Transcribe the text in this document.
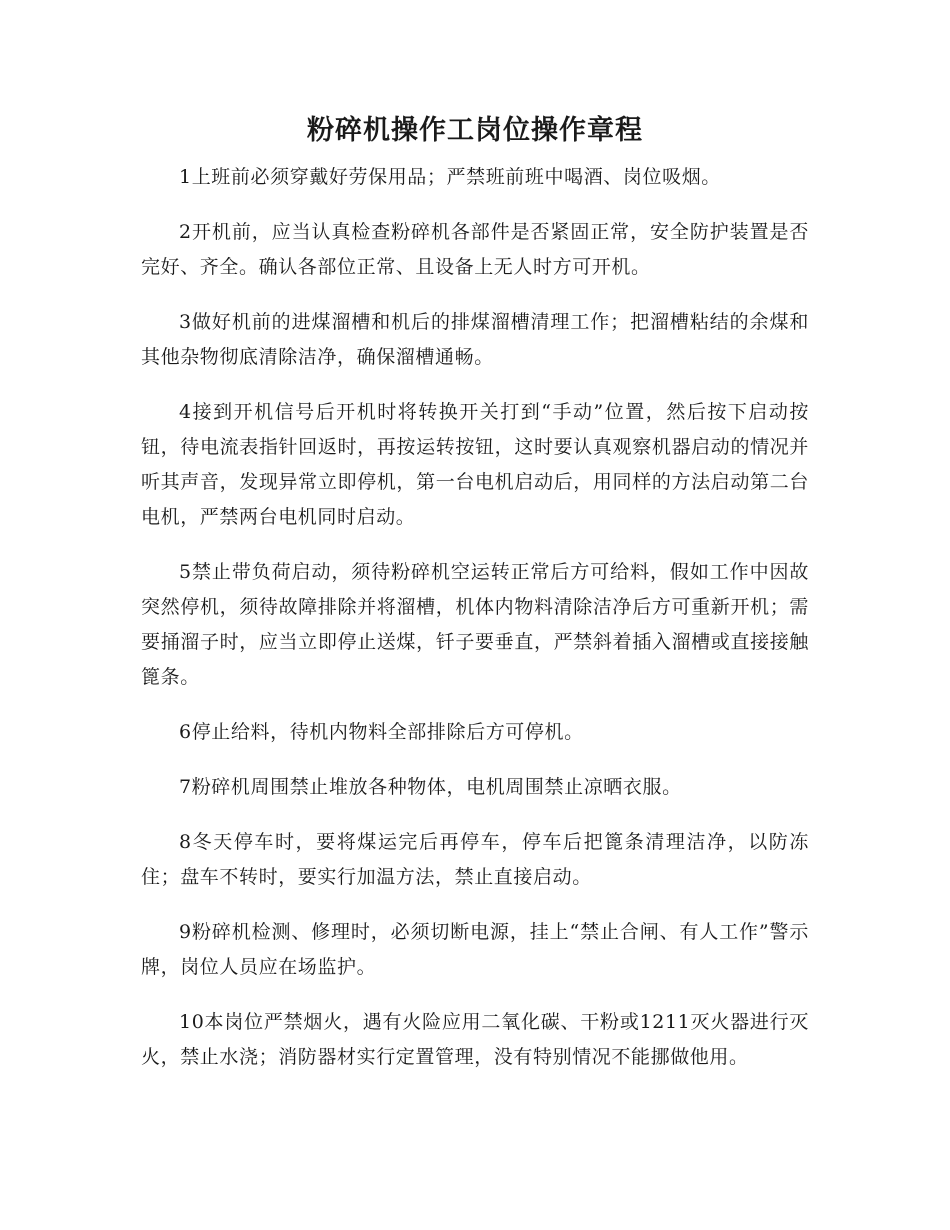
粉碎机操作工岗位操作章程

1上班前必须穿戴好劳保用品；严禁班前班中喝酒、岗位吸烟。

2开机前，应当认真检查粉碎机各部件是否紧固正常，安全防护装置是否完好、齐全。确认各部位正常、且设备上无人时方可开机。

3做好机前的进煤溜槽和机后的排煤溜槽清理工作；把溜槽粘结的余煤和其他杂物彻底清除洁净，确保溜槽通畅。

4接到开机信号后开机时将转换开关打到“手动”位置，然后按下启动按钮，待电流表指针回返时，再按运转按钮，这时要认真观察机器启动的情况并听其声音，发现异常立即停机，第一台电机启动后，用同样的方法启动第二台电机，严禁两台电机同时启动。

5禁止带负荷启动，须待粉碎机空运转正常后方可给料，假如工作中因故突然停机，须待故障排除并将溜槽，机体内物料清除洁净后方可重新开机；需要捅溜子时，应当立即停止送煤，钎子要垂直，严禁斜着插入溜槽或直接接触篦条。

6停止给料，待机内物料全部排除后方可停机。

7粉碎机周围禁止堆放各种物体，电机周围禁止凉晒衣服。

8冬天停车时，要将煤运完后再停车，停车后把篦条清理洁净，以防冻住；盘车不转时，要实行加温方法，禁止直接启动。

9粉碎机检测、修理时，必须切断电源，挂上“禁止合闸、有人工作”警示牌，岗位人员应在场监护。

10本岗位严禁烟火，遇有火险应用二氧化碳、干粉或1211灭火器进行灭火，禁止水浇；消防器材实行定置管理，没有特别情况不能挪做他用。
